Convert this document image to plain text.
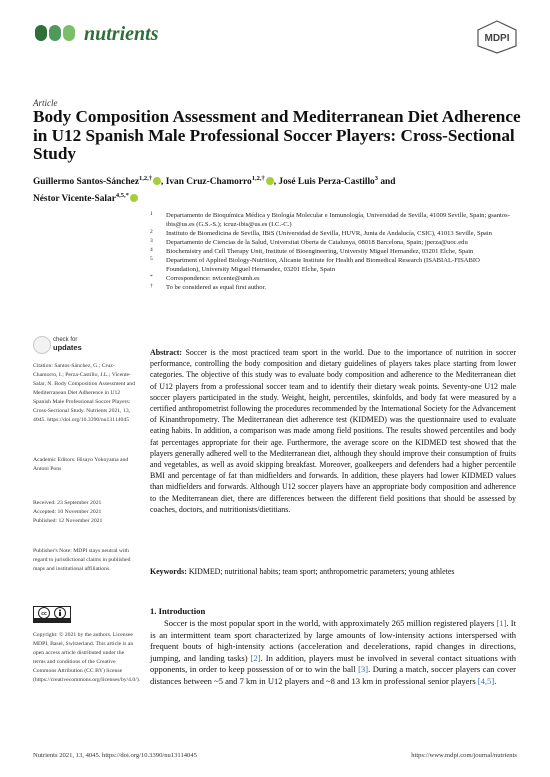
nutrients	MDPI
Article
Body Composition Assessment and Mediterranean Diet Adherence in U12 Spanish Male Professional Soccer Players: Cross-Sectional Study
Guillermo Santos-Sánchez$^{1,2,\dagger}$ , Ivan Cruz-Chamorro$^{1,2,\dagger}$ , José Luis Perza-Castillo$^3$ and
Néstor Vicente-Salar$^{4,5,*}$

1 Departamento de Bioquímica Médica y Biología Molecular e Inmunología, Universidad de Sevilla, 41009 Seville, Spain; gsantos-ibis@us.es (G.S.-S.); icruz-ibis@us.es (I.C.-C.)

2 Instituto de Biomedicina de Sevilla, IBiS (Universidad de Sevilla, HUVR, Junta de Andalucía, CSIC), 41013 Seville, Spain

3 Departamento de Ciencias de la Salud, Universitat Oberta de Catalunya, 08018 Barcelona, Spain; jperza@uoc.edu

4 Biochemistry and Cell Therapy Unit, Institute of Bioengineering, University Miguel Hernandez, 03201 Elche, Spain

5 Department of Applied Biology-Nutrition, Alicante Institute for Health and Biomedical Research (ISABIAL-FISABIO Foundation), University Miguel Hernandez, 03201 Elche, Spain

* Correspondence: nvicente@umh.es

† To be considered as equal first author.

check for
updates

Citation: Santos-Sánchez, G.; Cruz-Chamorro, I.; Perza-Castillo, J.L.; Vicente-Salar, N. Body Composition Assessment and Mediterranean Diet Adherence in U12 Spanish Male Professional Soccer Players: Cross-Sectional Study. Nutrients 2021, 13, 4045. https://doi.org/10.3390/nu13114045

Academic Editors: Hisayo Yokoyama and Antoni Pons

Received: 23 September 2021

Accepted: 10 November 2021

Published: 12 November 2021

Publisher's Note: MDPI stays neutral with regard to jurisdictional claims in published maps and institutional affiliations.

cc

Copyright: © 2021 by the authors. Licensee MDPI, Basel, Switzerland. This article is an open access article distributed under the terms and conditions of the Creative Commons Attribution (CC BY) license (https://creativecommons.org/licenses/by/4.0/).

Abstract: Soccer is the most practiced team sport in the world. Due to the importance of nutrition in soccer performance, controlling the body composition and dietary guidelines of players takes place starting from lower categories. The objective of this study was to evaluate body composition and adherence to the Mediterranean diet of U12 players from a professional soccer team and to identify their dietary weak points. Seventy-one U12 male soccer players participated in the study. Weight, height, percentiles, skinfolds, and body fat were measured by a certified anthropometrist following the procedures recommended by the International Society for the Advancement of Kinanthropometry. The Mediterranean diet adherence test (KIDMED) was the questionnaire used to evaluate eating habits. In addition, a comparison was made among field positions. The results showed percentiles and body fat percentages appropriate for their age. Furthermore, the average score on the KIDMED test showed that the players generally adhered well to the Mediterranean diet, although they should improve their consumption of fruits and vegetables, as well as avoid skipping breakfast. Moreover, goalkeepers and defenders had a higher percentile BMI and percentage of fat than midfielders and forwards. In addition, these players had lower KIDMED values than midfielders and forwards. Although U12 soccer players have an appropriate body composition and adherence to the Mediterranean diet, there are differences between the different field positions that should be assessed by coaches, doctors, and nutritionists/dietitians.
Keywords: KIDMED; nutritional habits; team sport; anthropometric parameters; young athletes
1. Introduction

Soccer is the most popular sport in the world, with approximately 265 million registered players [1]. It is an intermittent team sport characterized by large amounts of low-intensity actions interspersed with frequent bouts of high-intensity actions (acceleration and decelerations, rapid changes in directions, jumping, and landing tasks) [2]. In addition, players must be involved in several contact situations with opponents, in order to keep possession of or to win the ball [3]. During a match, soccer players can cover distances between ~5 and 7 km in U12 players and ~8 and 13 km in professional senior players [4,5].

Nutrients 2021, 13, 4045. https://doi.org/10.3390/nu13114045	https://www.mdpi.com/journal/nutrients
